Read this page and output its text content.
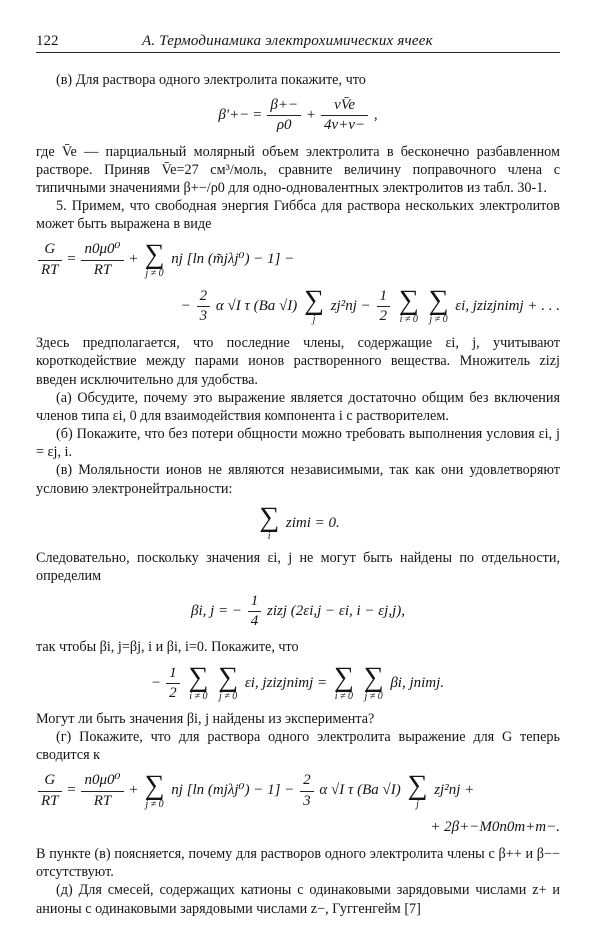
122	А. Термодинамика электрохимических ячеек

(в) Для раствора одного электролита покажите, что

$\beta'+- = \frac{\beta+-}{\rho 0} + \frac{\nu V̄e}{4\nu+\nu-}$ ,

где V̄e — парциальный молярный объем электролита в бесконечно разбавленном растворе. Приняв V̄e=27 см³/моль, сравните величину поправочного члена с типичными значениями β+−/ρ0 для одно-одновалентных электролитов из табл. 30-1.

5. Примем, что свободная энергия Гиббса для раствора нескольких электролитов может быть выражена в виде

$\frac{G}{RT} = \frac{\text{n0μ0⁰}}{RT}$ + ∑
j ≠ 0
nj [ln (m̃jλj⁰) − 1] −
− $\frac{2}{3}$ α √I τ (Ba √I) ∑
j
$zj^2nj - \frac{1}{2}$
∑
i ≠ 0

∑
j ≠ 0
εi, jzizjnimj + . . .

Здесь предполагается, что последние члены, содержащие εi, j, учитывают короткодействие между парами ионов растворенного вещества. Множитель zizj введен исключительно для удобства.

(а) Обсудите, почему это выражение является достаточно общим без включения членов типа εi, 0 для взаимодействия компонента i с растворителем.

(б) Покажите, что без потери общности можно требовать выполнения условия εi, j = εj, i.

(в) Моляльности ионов не являются независимыми, так как они удовлетворяют условию электронейтральности:

∑
i
zimi = 0.

Следовательно, поскольку значения εi, j не могут быть найдены по отдельности, определим

βi, j = − $\frac{1}{4}$ zizj (2εi,j − εi, i − εj,j),

так чтобы βi, j=βj, i и βi, i=0. Покажите, что

− $\frac{1}{2}$
∑
i ≠ 0

∑
j ≠ 0
εi, jzizjnimj = ∑
i ≠ 0

∑
j ≠ 0
βi, jnimj.

Могут ли быть значения βi, j найдены из эксперимента?

(г) Покажите, что для раствора одного электролита выражение для G теперь сводится к

$\frac{G}{RT} = \frac{\text{n0μ0⁰}}{RT}$ + ∑
j ≠ 0
nj [ln $(mj\lambda j^0) - 1] - \frac{2}{3}$ α √I τ (Ba √I) ∑
j
zj²nj +
+ 2β+−M0n0m+m−.

В пункте (в) поясняется, почему для растворов одного электролита члены с β++ и β−− отсутствуют.

(д) Для смесей, содержащих катионы с одинаковыми зарядовыми числами z+ и анионы с одинаковыми зарядовыми числами z−, Гуггенгейм [7]
